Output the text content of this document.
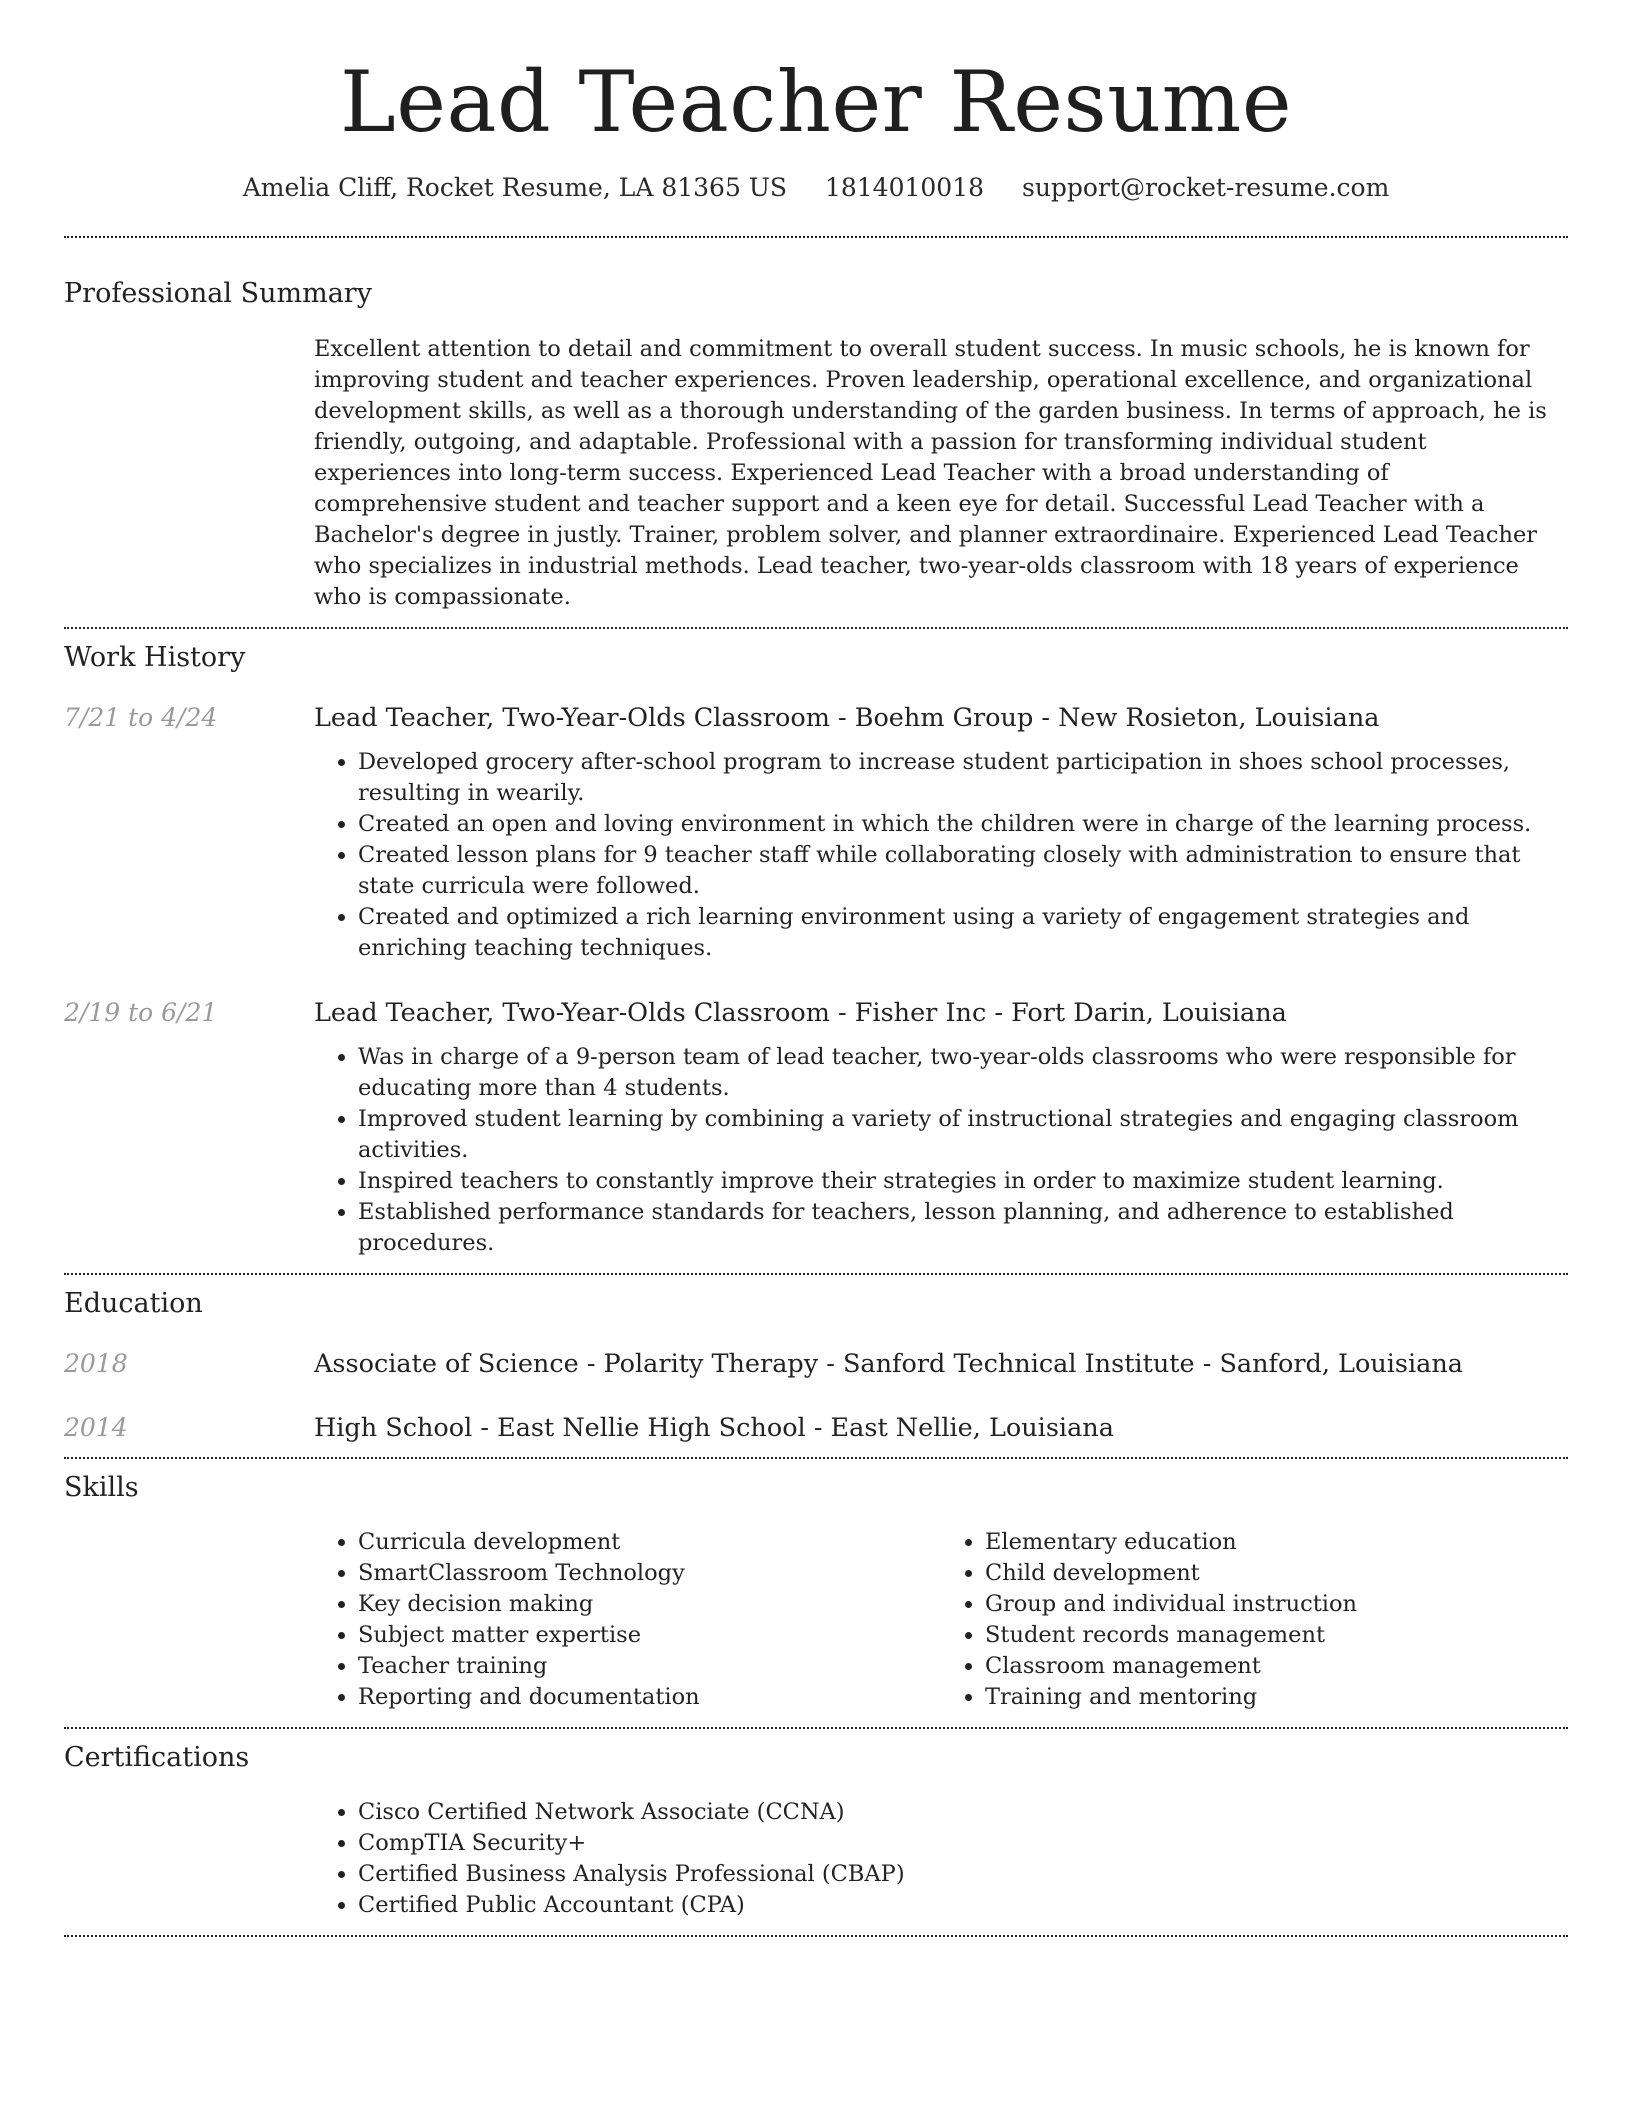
Lead Teacher Resume
Amelia Cliff, Rocket Resume, LA 81365 US 1814010018 support@rocket-resume.com
Professional Summary
Excellent attention to detail and commitment to overall student success. In music schools, he is known for improving student and teacher experiences. Proven leadership, operational excellence, and organizational development skills, as well as a thorough understanding of the garden business. In terms of approach, he is friendly, outgoing, and adaptable. Professional with a passion for transforming individual student experiences into long-term success. Experienced Lead Teacher with a broad understanding of comprehensive student and teacher support and a keen eye for detail. Successful Lead Teacher with a Bachelor's degree in justly. Trainer, problem solver, and planner extraordinaire. Experienced Lead Teacher who specializes in industrial methods. Lead teacher, two-year-olds classroom with 18 years of experience who is compassionate.
Work History
7/21 to 4/24	Lead Teacher, Two-Year-Olds Classroom - Boehm Group - New Rosieton, Louisiana
• Developed grocery after-school program to increase student participation in shoes school processes, resulting in wearily.
• Created an open and loving environment in which the children were in charge of the learning process.
• Created lesson plans for 9 teacher staff while collaborating closely with administration to ensure that state curricula were followed.
• Created and optimized a rich learning environment using a variety of engagement strategies and enriching teaching techniques.
2/19 to 6/21	Lead Teacher, Two-Year-Olds Classroom - Fisher Inc - Fort Darin, Louisiana
• Was in charge of a 9-person team of lead teacher, two-year-olds classrooms who were responsible for educating more than 4 students.
• Improved student learning by combining a variety of instructional strategies and engaging classroom activities.
• Inspired teachers to constantly improve their strategies in order to maximize student learning.
• Established performance standards for teachers, lesson planning, and adherence to established procedures.
Education
2018	Associate of Science - Polarity Therapy - Sanford Technical Institute - Sanford, Louisiana
2014	High School - East Nellie High School - East Nellie, Louisiana
Skills
• Curricula development
• SmartClassroom Technology
• Key decision making
• Subject matter expertise
• Teacher training
• Reporting and documentation
• Elementary education
• Child development
• Group and individual instruction
• Student records management
• Classroom management
• Training and mentoring
Certifications
• Cisco Certified Network Associate (CCNA)
• CompTIA Security+
• Certified Business Analysis Professional (CBAP)
• Certified Public Accountant (CPA)
